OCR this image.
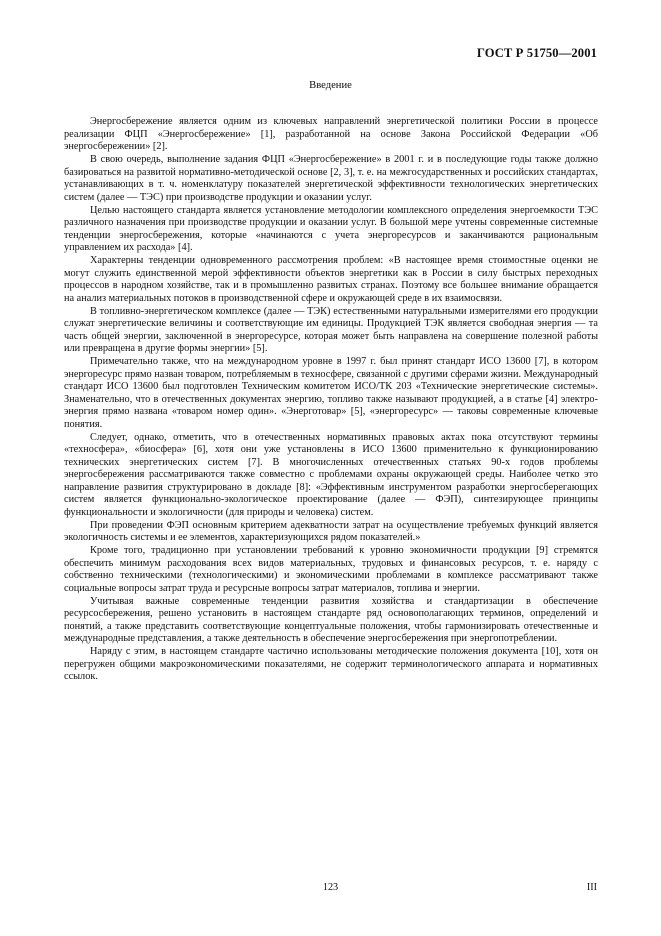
ГОСТ Р 51750—2001
Введение

Энергосбережение является одним из ключевых направлений энергетической политики России в процессе реализации ФЦП «Энергосбережение» [1], разработанной на основе Закона Российской Федерации «Об энергосбережении» [2].

В свою очередь, выполнение задания ФЦП «Энергосбережение» в 2001 г. и в последующие годы также должно базироваться на развитой нормативно-методической основе [2, 3], т. е. на межгосударственных и российских стандартах, устанавливающих в т. ч. номенклатуру показателей энергетической эффективности технологических энергетических систем (далее — ТЭС) при производстве продукции и оказании услуг.

Целью настоящего стандарта является установление методологии комплексного определения энергоемкости ТЭС различного назначения при производстве продукции и оказании услуг. В большой мере учтены современные системные тенденции энергосбережения, которые «начинаются с учета энергоресурсов и заканчиваются рациональным управлением их расхода» [4].

Характерны тенденции одновременного рассмотрения проблем: «В настоящее время стоимостные оценки не могут служить единственной мерой эффективности объектов энергетики как в России в силу быстрых переходных процессов в народном хозяйстве, так и в промышленно развитых странах. Поэтому все большее внимание обращается на анализ материальных потоков в производственной сфере и окружающей среде в их взаимосвязи.

В топливно-энергетическом комплексе (далее — ТЭК) естественными натуральными измерителями его продукции служат энергетические величины и соответствующие им единицы. Продукцией ТЭК является свободная энергия — та часть общей энергии, заключенной в энергоресурсе, которая может быть направлена на совершение полезной работы или превращена в другие формы энергии» [5].

Примечательно также, что на международном уровне в 1997 г. был принят стандарт ИСО 13600 [7], в котором энергоресурс прямо назван товаром, потребляемым в техносфере, связанной с другими сферами жизни. Международный стандарт ИСО 13600 был подготовлен Техническим комитетом ИСО/ТК 203 «Технические энергетические системы». Знаменательно, что в отечественных документах энергию, топливо также называют продукцией, а в статье [4] электроэнергия прямо названа «товаром номер один». «Энерготовар» [5], «энергоресурс» — таковы современные ключевые понятия.

Следует, однако, отметить, что в отечественных нормативных правовых актах пока отсутствуют термины «техносфера», «биосфера» [6], хотя они уже установлены в ИСО 13600 применительно к функционированию технических энергетических систем [7]. В многочисленных отечественных статьях 90-х годов проблемы энергосбережения рассматриваются также совместно с проблемами охраны окружающей среды. Наиболее четко это направление развития структурировано в докладе [8]: «Эффективным инструментом разработки энергосберегающих систем является функционально-экологическое проектирование (далее — ФЭП), синтезирующее принципы функциональности и экологичности (для природы и человека) систем.

При проведении ФЭП основным критерием адекватности затрат на осуществление требуемых функций является экологичность системы и ее элементов, характеризующихся рядом показателей.»

Кроме того, традиционно при установлении требований к уровню экономичности продукции [9] стремятся обеспечить минимум расходования всех видов материальных, трудовых и финансовых ресурсов, т. е. наряду с собственно техническими (технологическими) и экономическими проблемами в комплексе рассматривают также социальные вопросы затрат труда и ресурсные вопросы затрат материалов, топлива и энергии.

Учитывая важные современные тенденции развития хозяйства и стандартизации в обеспечение ресурсосбережения, решено установить в настоящем стандарте ряд основополагающих терминов, определений и понятий, а также представить соответствующие концептуальные положения, чтобы гармонизировать отечественные и международные представления, а также деятельность в обеспечение энергосбережения при энергопотреблении.

Наряду с этим, в настоящем стандарте частично использованы методические положения документа [10], хотя он перегружен общими макроэкономическими показателями, не содержит терминологического аппарата и нормативных ссылок.

123	III
